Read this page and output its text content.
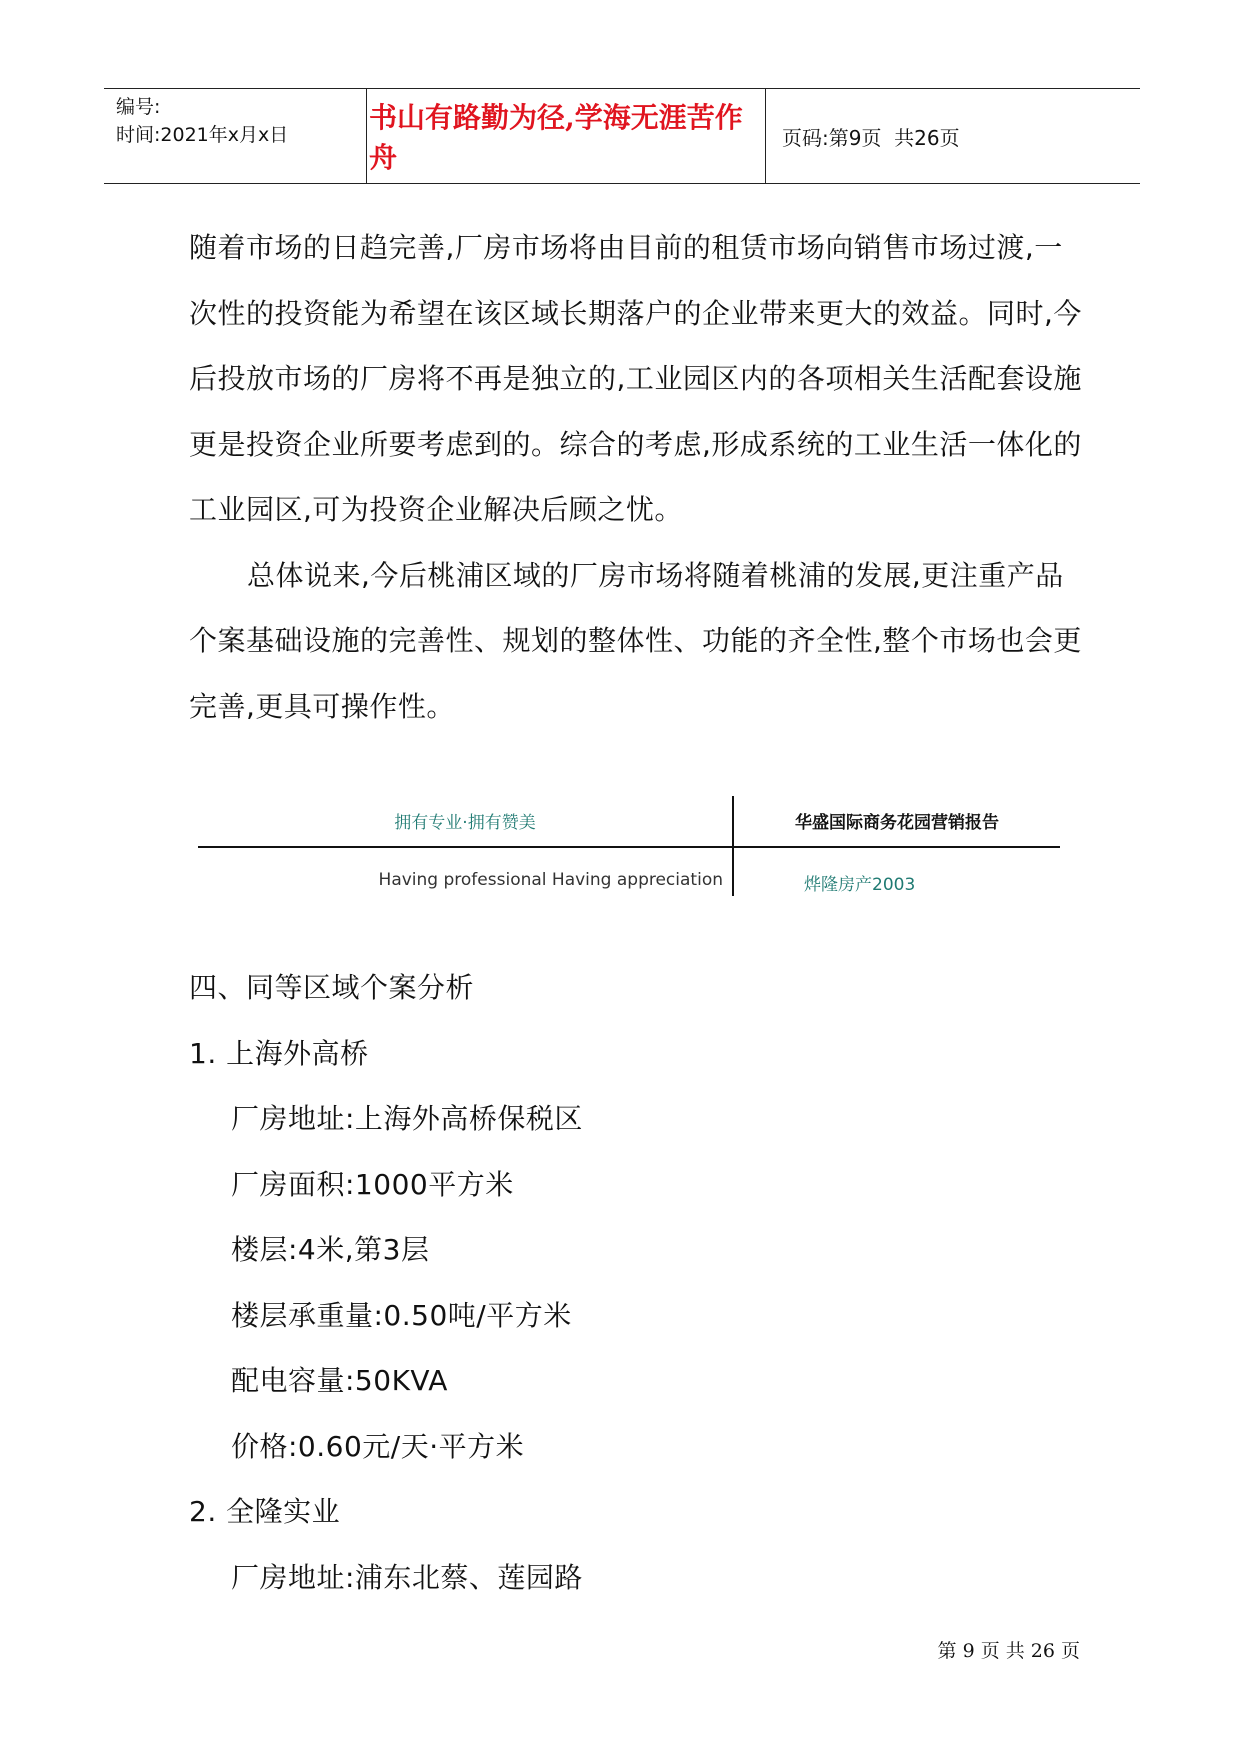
编号:
时间:2021年x月x日
书山有路勤为径,学海无涯苦作舟
页码:第9页  共26页

随着市场的日趋完善,厂房市场将由目前的租赁市场向销售市场过渡,一次性的投资能为希望在该区域长期落户的企业带来更大的效益。同时,今后投放市场的厂房将不再是独立的,工业园区内的各项相关生活配套设施更是投资企业所要考虑到的。综合的考虑,形成系统的工业生活一体化的工业园区,可为投资企业解决后顾之忧。

总体说来,今后桃浦区域的厂房市场将随着桃浦的发展,更注重产品个案基础设施的完善性、规划的整体性、功能的齐全性,整个市场也会更完善,更具可操作性。

拥有专业·拥有赞美	华盛国际商务花园营销报告
Having professional Having appreciation	烨隆房产2003

四、同等区域个案分析

1. 上海外高桥

厂房地址:上海外高桥保税区

厂房面积:1000平方米

楼层:4米,第3层

楼层承重量:0.50吨/平方米

配电容量:50KVA

价格:0.60元/天·平方米

2. 全隆实业

厂房地址:浦东北蔡、莲园路

第 9 页 共 26 页
